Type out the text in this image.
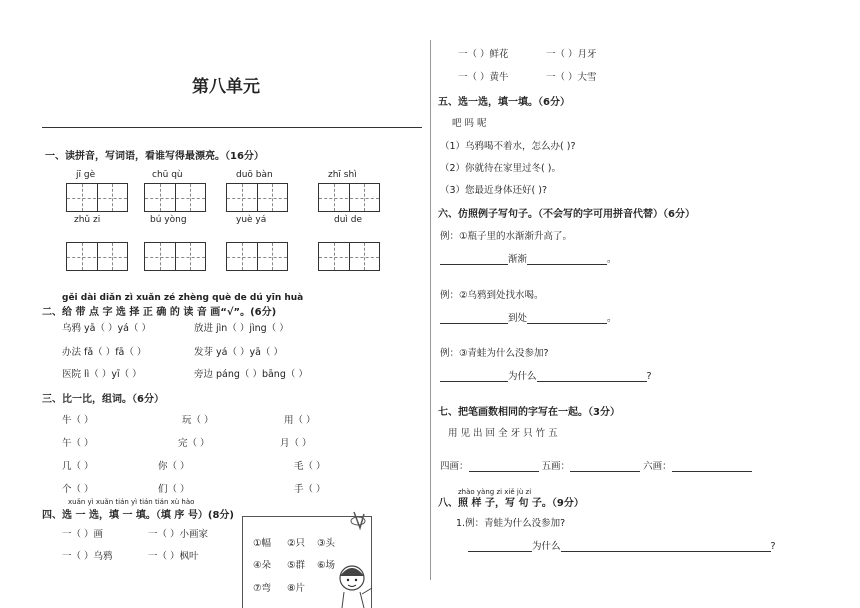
第八单元
一、读拼音，写词语，看谁写得最漂亮。（16分）
jī gè	chū qù	duō bàn	zhī shì
zhǔ zi	bú yòng	yuè yá	duì de
gěi dài diǎn zì xuǎn zé zhèng què de dú yīn huà
二、给 带 点 字 选 择 正 确 的 读 音 画“√”。(6分)
乌鸦 yā（ ）yá（ ）	放进 jìn（ ）jìng（ ）
办法 fǎ（ ）fā（ ）	发芽 yá（ ）yā（ ）
医院 lì（ ）yī（ ）	旁边 páng（ ）bāng（ ）
三、比一比，组词。（6分）
牛（ ）	玩（ ）	用（ ）
午（ ）	完（ ）	月（ ）
几（ ）	你（ ）	毛（ ）
个（ ）	们（ ）	手（ ）
xuǎn yì xuǎn tián yì tián tián xù hào
四、选 一 选，填 一 填。（填 序 号）(8分)
一（ ）画	一（ ）小画家
一（ ）乌鸦	一（ ）枫叶
①幅 ②只 ③头
④朵 ⑤群 ⑥场
⑦弯 ⑧片
一（ ）鲜花	一（ ）月牙
一（ ）黄牛	一（ ）大雪
五、选一选，填一填。（6分）
吧 吗 呢
（1）乌鸦喝不着水，怎么办( )?
（2）你就待在家里过冬( )。
（3）您最近身体还好( )?
六、仿照例子写句子。（不会写的字可用拼音代替）（6分）
例：①瓶子里的水渐渐升高了。
渐渐	。
例：②乌鸦到处找水喝。
到处	。
例：③青蛙为什么没参加?
为什么	?
七、把笔画数相同的字写在一起。（3分）
用 见 出 回 全 牙 只 竹 五
四画：	五画：	六画：
zhào yàng zi xiě jù zi
八、照 样 子，写 句 子。（9分）
1.例：青蛙为什么没参加?
为什么	?
